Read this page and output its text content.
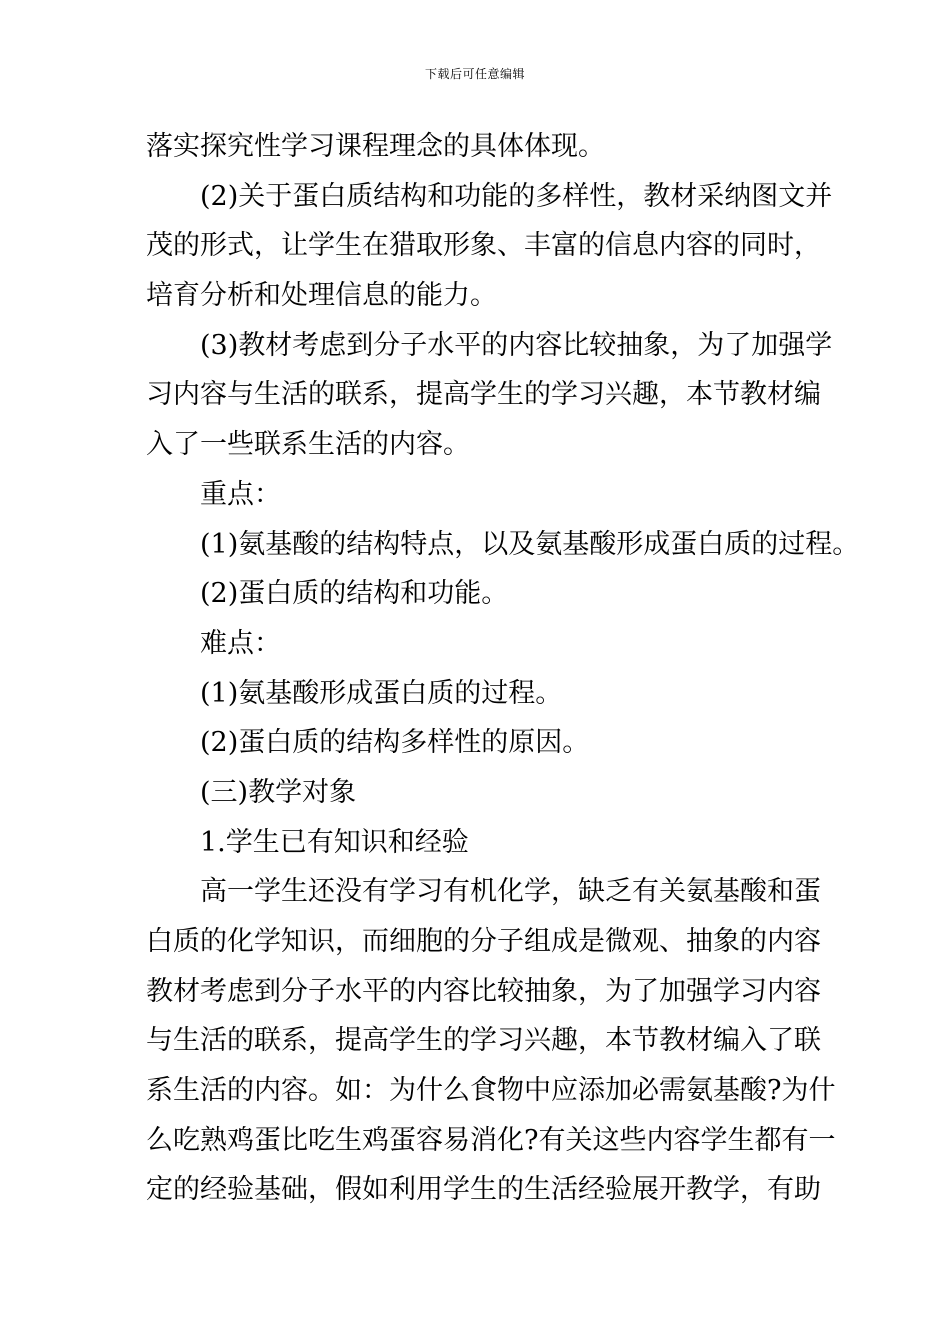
下载后可任意编辑
落实探究性学习课程理念的具体体现。
(2)关于蛋白质结构和功能的多样性，教材采纳图文并
茂的形式，让学生在猎取形象、丰富的信息内容的同时，
培育分析和处理信息的能力。
(3)教材考虑到分子水平的内容比较抽象，为了加强学
习内容与生活的联系，提高学生的学习兴趣，本节教材编
入了一些联系生活的内容。
重点：
(1)氨基酸的结构特点，以及氨基酸形成蛋白质的过程。
(2)蛋白质的结构和功能。
难点：
(1)氨基酸形成蛋白质的过程。
(2)蛋白质的结构多样性的原因。
(三)教学对象
1.学生已有知识和经验
高一学生还没有学习有机化学，缺乏有关氨基酸和蛋
白质的化学知识，而细胞的分子组成是微观、抽象的内容
教材考虑到分子水平的内容比较抽象，为了加强学习内容
与生活的联系，提高学生的学习兴趣，本节教材编入了联
系生活的内容。如：为什么食物中应添加必需氨基酸?为什
么吃熟鸡蛋比吃生鸡蛋容易消化?有关这些内容学生都有一
定的经验基础，假如利用学生的生活经验展开教学，有助
